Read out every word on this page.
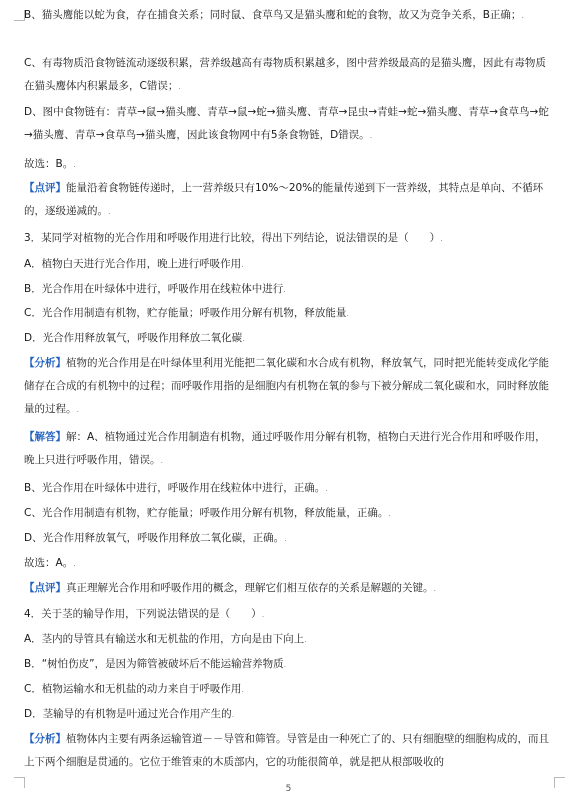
B、猫头鹰能以蛇为食，存在捕食关系；同时鼠、食草鸟又是猫头鹰和蛇的食物，故又为竞争关系，B正确；.
C、有毒物质沿食物链流动逐级积累，营养级越高有毒物质积累越多，图中营养级最高的是猫头鹰，因此有毒物质在猫头鹰体内积累最多，C错误；.
D、图中食物链有：青草→鼠→猫头鹰、青草→鼠→蛇→猫头鹰、青草→昆虫→青蛙→蛇→猫头鹰、青草→食草鸟→蛇→猫头鹰、青草→食草鸟→猫头鹰，因此该食物网中有5条食物链，D错误。.
故选：B。.
【点评】能量沿着食物链传递时，上一营养级只有10%～20%的能量传递到下一营养级，其特点是单向、不循环的，逐级递减的。.
3．某同学对植物的光合作用和呼吸作用进行比较，得出下列结论，说法错误的是（　　）.
A．植物白天进行光合作用，晚上进行呼吸作用.
B．光合作用在叶绿体中进行，呼吸作用在线粒体中进行.
C．光合作用制造有机物，贮存能量；呼吸作用分解有机物，释放能量.
D．光合作用释放氧气，呼吸作用释放二氧化碳.
【分析】植物的光合作用是在叶绿体里利用光能把二氧化碳和水合成有机物，释放氧气，同时把光能转变成化学能储存在合成的有机物中的过程；而呼吸作用指的是细胞内有机物在氧的参与下被分解成二氧化碳和水，同时释放能量的过程。.
【解答】解：A、植物通过光合作用制造有机物，通过呼吸作用分解有机物，植物白天进行光合作用和呼吸作用，晚上只进行呼吸作用，错误。.
B、光合作用在叶绿体中进行，呼吸作用在线粒体中进行，正确。.
C、光合作用制造有机物，贮存能量；呼吸作用分解有机物，释放能量，正确。.
D、光合作用释放氧气，呼吸作用释放二氧化碳，正确。.
故选：A。.
【点评】真正理解光合作用和呼吸作用的概念，理解它们相互依存的关系是解题的关键。.
4．关于茎的输导作用，下列说法错误的是（　　）.
A．茎内的导管具有输送水和无机盐的作用，方向是由下向上.
B．“树怕伤皮”，是因为筛管被破坏后不能运输营养物质.
C．植物运输水和无机盐的动力来自于呼吸作用.
D．茎输导的有机物是叶通过光合作用产生的.
【分析】植物体内主要有两条运输管道－－导管和筛管。导管是由一种死亡了的、只有细胞壁的细胞构成的，而且上下两个细胞是贯通的。它位于维管束的木质部内，它的功能很简单，就是把从根部吸收的
5
